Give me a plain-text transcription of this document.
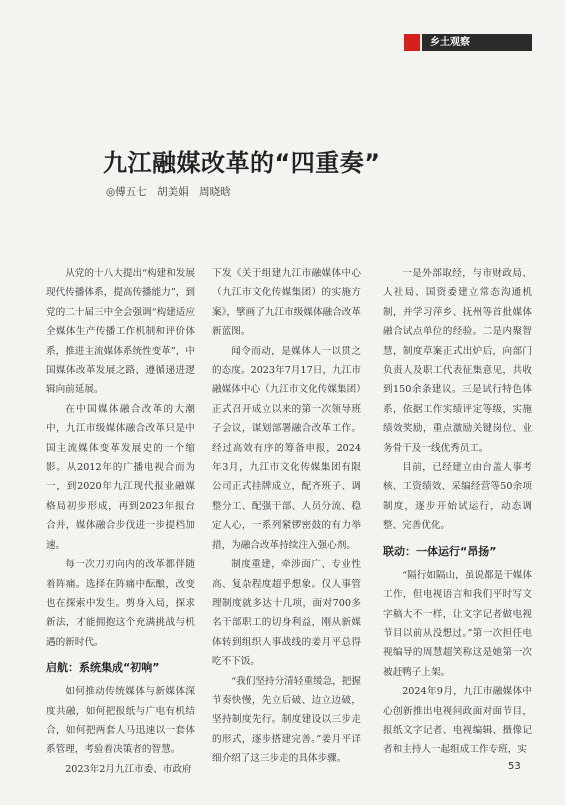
乡土观察
九江融媒改革的“四重奏”
◎傅五七　胡美娟　周晓晗

从党的十八大提出“构建和发展现代传播体系，提高传播能力”，到党的二十届三中全会强调“构建适应全媒体生产传播工作机制和评价体系，推进主流媒体系统性变革”，中国媒体改革发展之路，遵循递进逻辑向前延展。

在中国媒体融合改革的大潮中，九江市级媒体融合改革只是中国主流媒体变革发展史的一个缩影。从2012年的广播电视合而为一，到2020年九江现代报业融媒格局初步形成，再到2023年报台合并，媒体融合步伐进一步提档加速。

每一次刀刃向内的改革都伴随着阵痛。选择在阵痛中酝酿，改变也在探索中发生。剪身入局，探求新法，才能拥抱这个充满挑战与机遇的新时代。

启航：系统集成“初响”

如何推动传统媒体与新媒体深度共融，如何把报纸与广电有机结合，如何把两套人马迅速以一套体系管理，考验着决策者的智慧。

2023年2月九江市委、市政府

下发《关于组建九江市融媒体中心（九江市文化传媒集团）的实施方案》，擘画了九江市级媒体融合改革新蓝图。

闻令而动，是媒体人一以贯之的态度。2023年7月17日，九江市融媒体中心（九江市文化传媒集团）正式召开成立以来的第一次领导班子会议，谋划部署融合改革工作。经过高效有序的筹备申报，2024年3月，九江市文化传媒集团有限公司正式挂牌成立，配齐班子、调整分工、配强干部、人员分流、稳定人心，一系列紧锣密鼓的有力举措，为融合改革持续注入强心剂。

制度重建，牵涉面广、专业性高、复杂程度超乎想象。仅人事管理制度就多达十几项，面对700多名干部职工的切身利益，刚从新媒体转到组织人事战线的姜月平总得吃不下饭。

“我们坚持分清轻重缓急，把握节奏快慢，先立后破、边立边破，坚持制度先行。制度建设以三步走的形式，逐步搭建完善。”姜月平详细介绍了这三步走的具体步骤。

一是外部取经，与市财政局、人社局、国资委建立常态沟通机制，并学习萍乡、抚州等首批媒体融合试点单位的经验。二是内聚智慧，制度草案正式出炉后，向部门负责人及职工代表征集意见，共收到150余条建议。三是试行特色体系，依据工作实绩评定等级，实施绩效奖励，重点激励关键岗位、业务骨干及一线优秀员工。

目前，已经建立由台盖人事考核、工资绩效、采编经营等50余项制度，逐步开始试运行，动态调整、完善优化。

联动：一体运行“昂扬”

“隔行如隔山，虽说都是干媒体工作，但电视语言和我们平时写文字稿大不一样，让文字记者做电视节目以前从没想过。”第一次担任电视编导的周慧超笑称这是她第一次被赶鸭子上架。

2024年9月，九江市融媒体中心创新推出电视问政面对面节目，报纸文字记者、电视编辑、摄像记者和主持人一起组成工作专班，实

53
